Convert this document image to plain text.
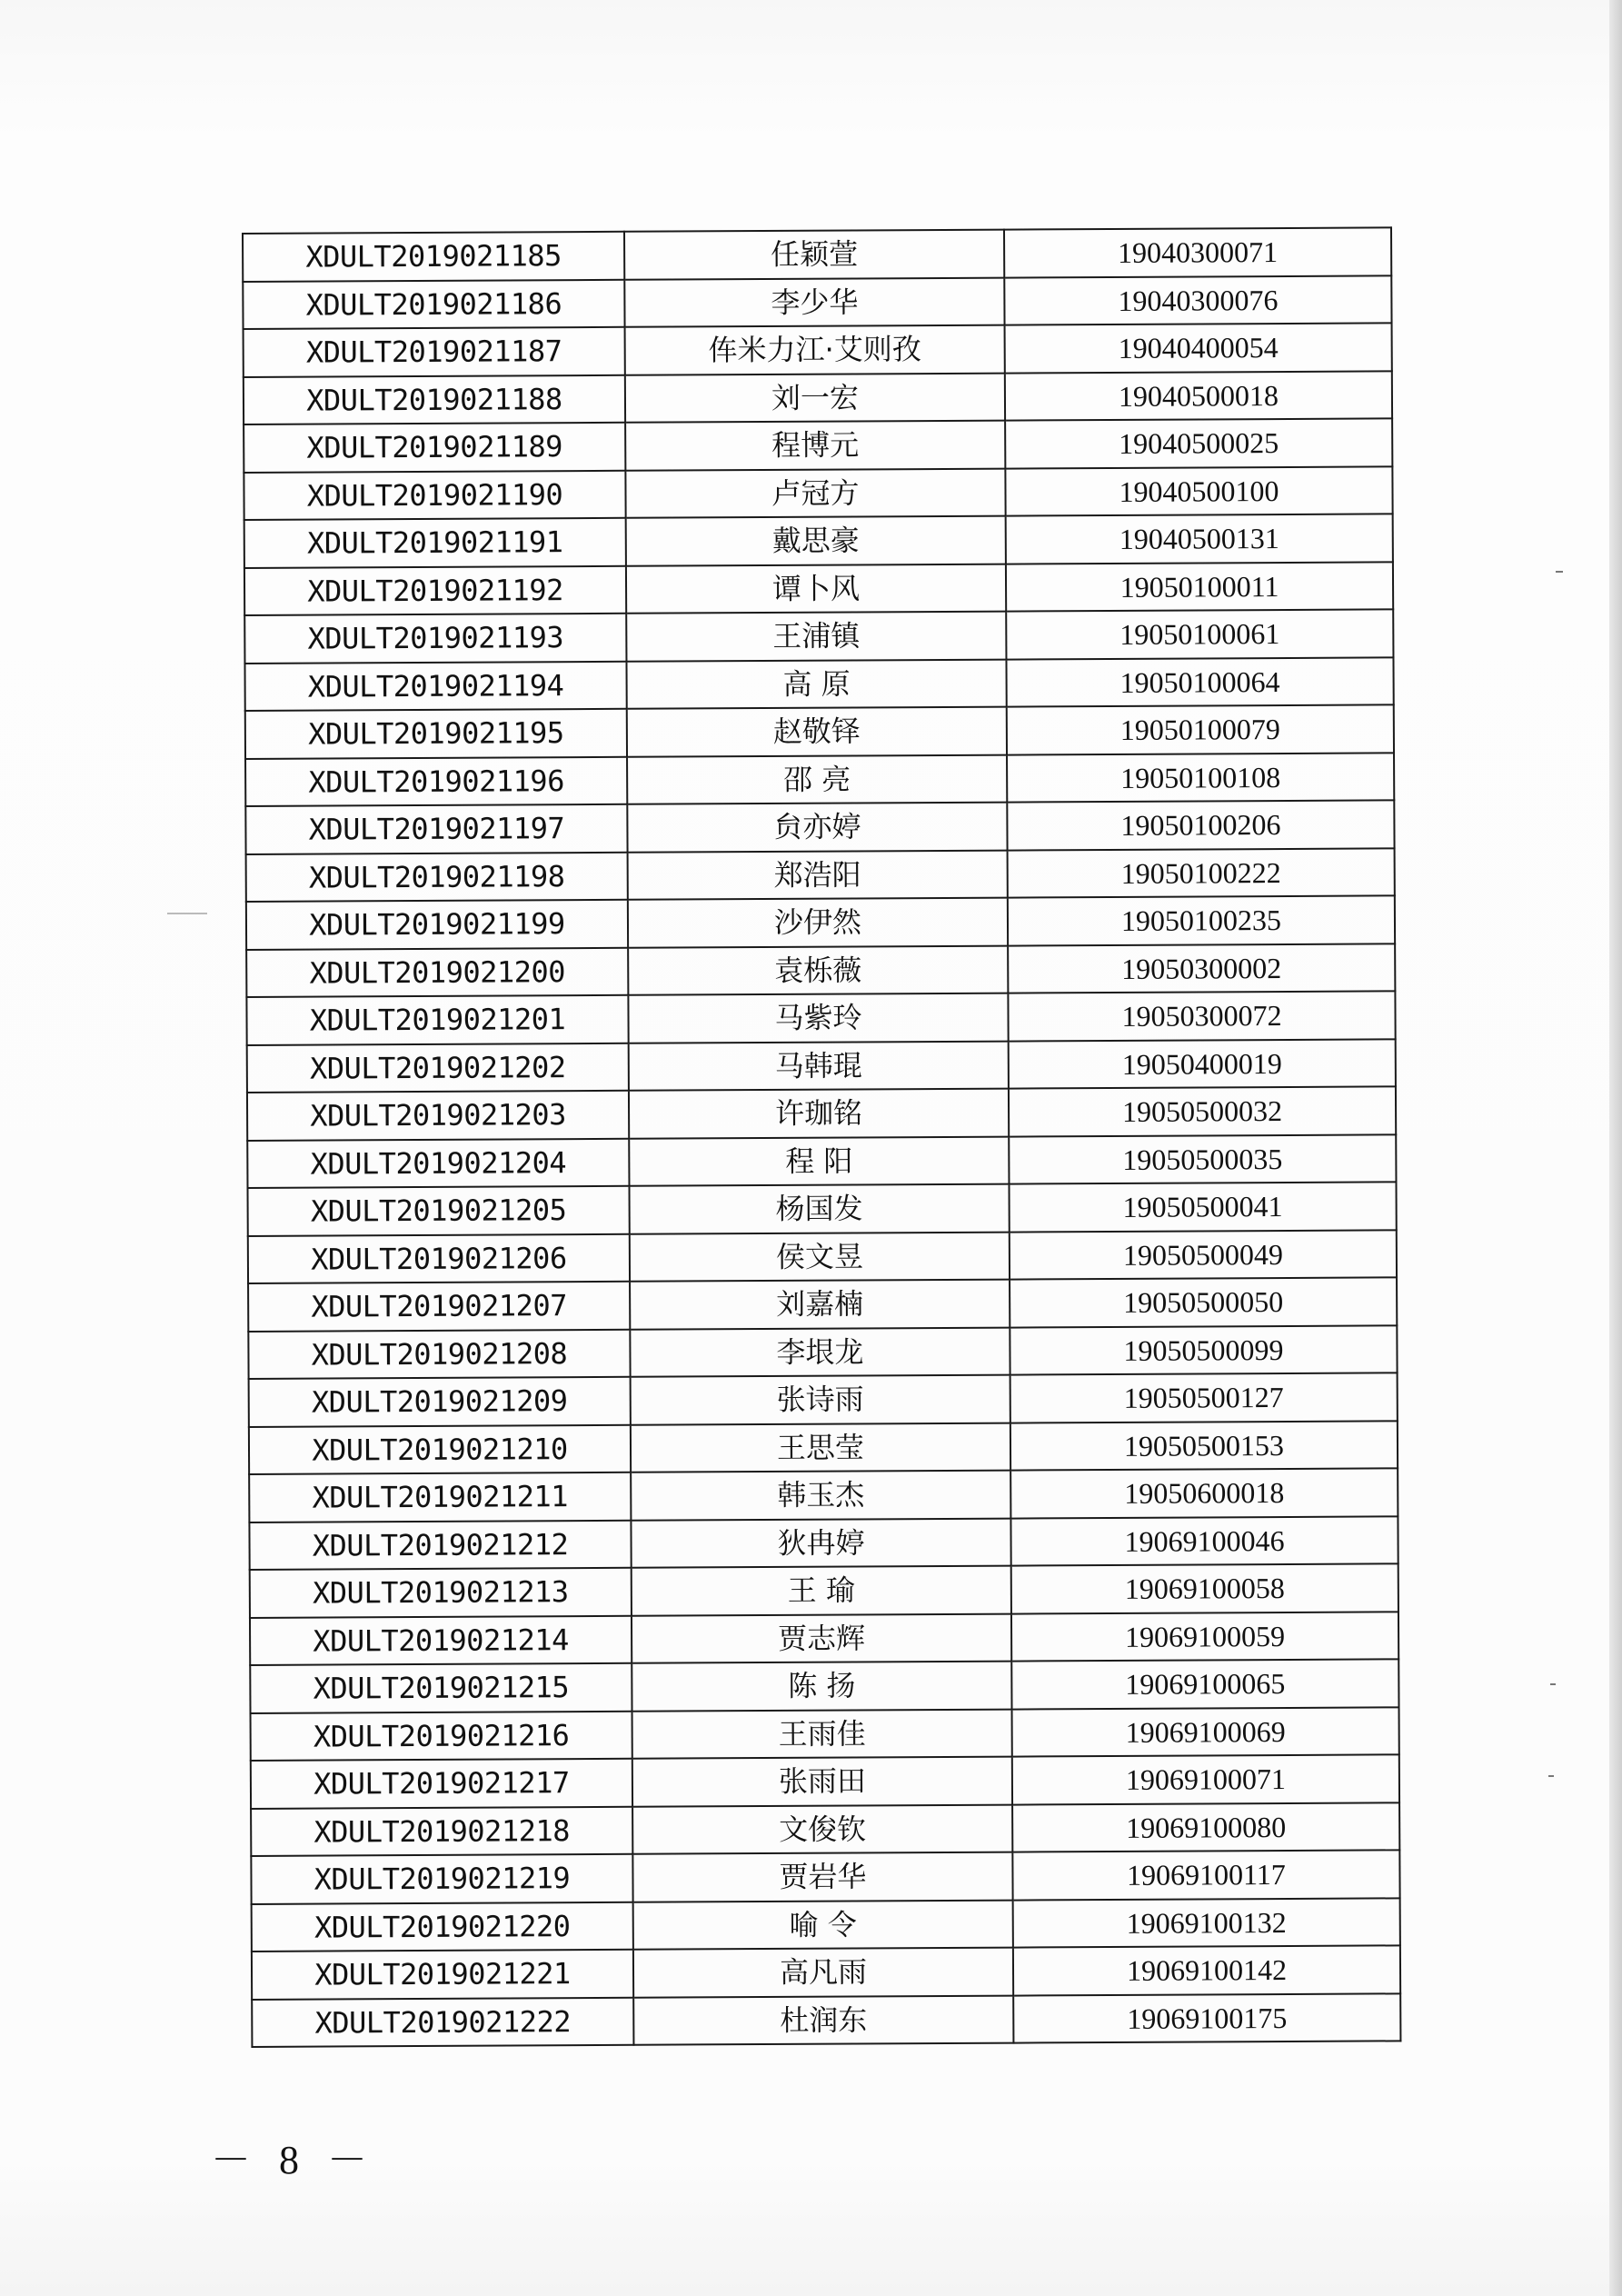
XDULT2019021185	任颖萱	19040300071
XDULT2019021186	李少华	19040300076
XDULT2019021187	伡米力江·艾则孜	19040400054
XDULT2019021188	刘一宏	19040500018
XDULT2019021189	程博元	19040500025
XDULT2019021190	卢冠方	19040500100
XDULT2019021191	戴思豪	19040500131
XDULT2019021192	谭卜风	19050100011
XDULT2019021193	王浦镇	19050100061
XDULT2019021194	高 原	19050100064
XDULT2019021195	赵敬铎	19050100079
XDULT2019021196	邵 亮	19050100108
XDULT2019021197	贠亦婷	19050100206
XDULT2019021198	郑浩阳	19050100222
XDULT2019021199	沙伊然	19050100235
XDULT2019021200	袁栎薇	19050300002
XDULT2019021201	马紫玲	19050300072
XDULT2019021202	马韩琨	19050400019
XDULT2019021203	许珈铭	19050500032
XDULT2019021204	程 阳	19050500035
XDULT2019021205	杨国发	19050500041
XDULT2019021206	侯文昱	19050500049
XDULT2019021207	刘嘉楠	19050500050
XDULT2019021208	李垠龙	19050500099
XDULT2019021209	张诗雨	19050500127
XDULT2019021210	王思莹	19050500153
XDULT2019021211	韩玉杰	19050600018
XDULT2019021212	狄冉婷	19069100046
XDULT2019021213	王 瑜	19069100058
XDULT2019021214	贾志辉	19069100059
XDULT2019021215	陈 扬	19069100065
XDULT2019021216	王雨佳	19069100069
XDULT2019021217	张雨田	19069100071
XDULT2019021218	文俊钦	19069100080
XDULT2019021219	贾岩华	19069100117
XDULT2019021220	喻 令	19069100132
XDULT2019021221	高凡雨	19069100142
XDULT2019021222	杜润东	19069100175
－ 8 －
